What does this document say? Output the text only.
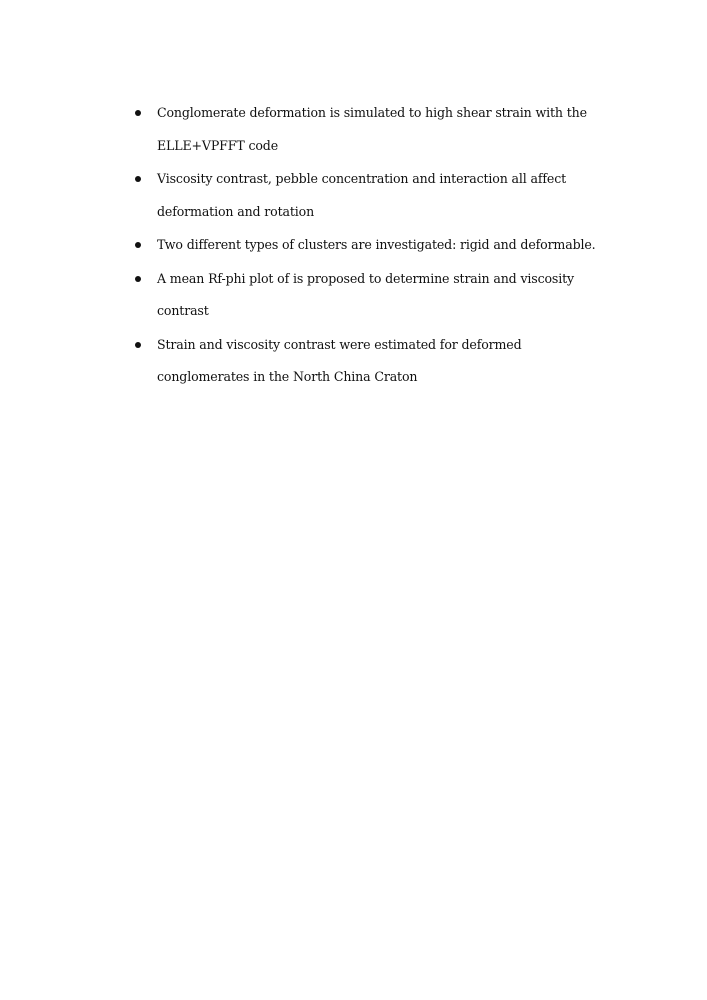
Conglomerate deformation is simulated to high shear strain with the ELLE+VPFFT code
Viscosity contrast, pebble concentration and interaction all affect deformation and rotation
Two different types of clusters are investigated: rigid and deformable.
A mean Rf-phi plot of is proposed to determine strain and viscosity contrast
Strain and viscosity contrast were estimated for deformed conglomerates in the North China Craton
